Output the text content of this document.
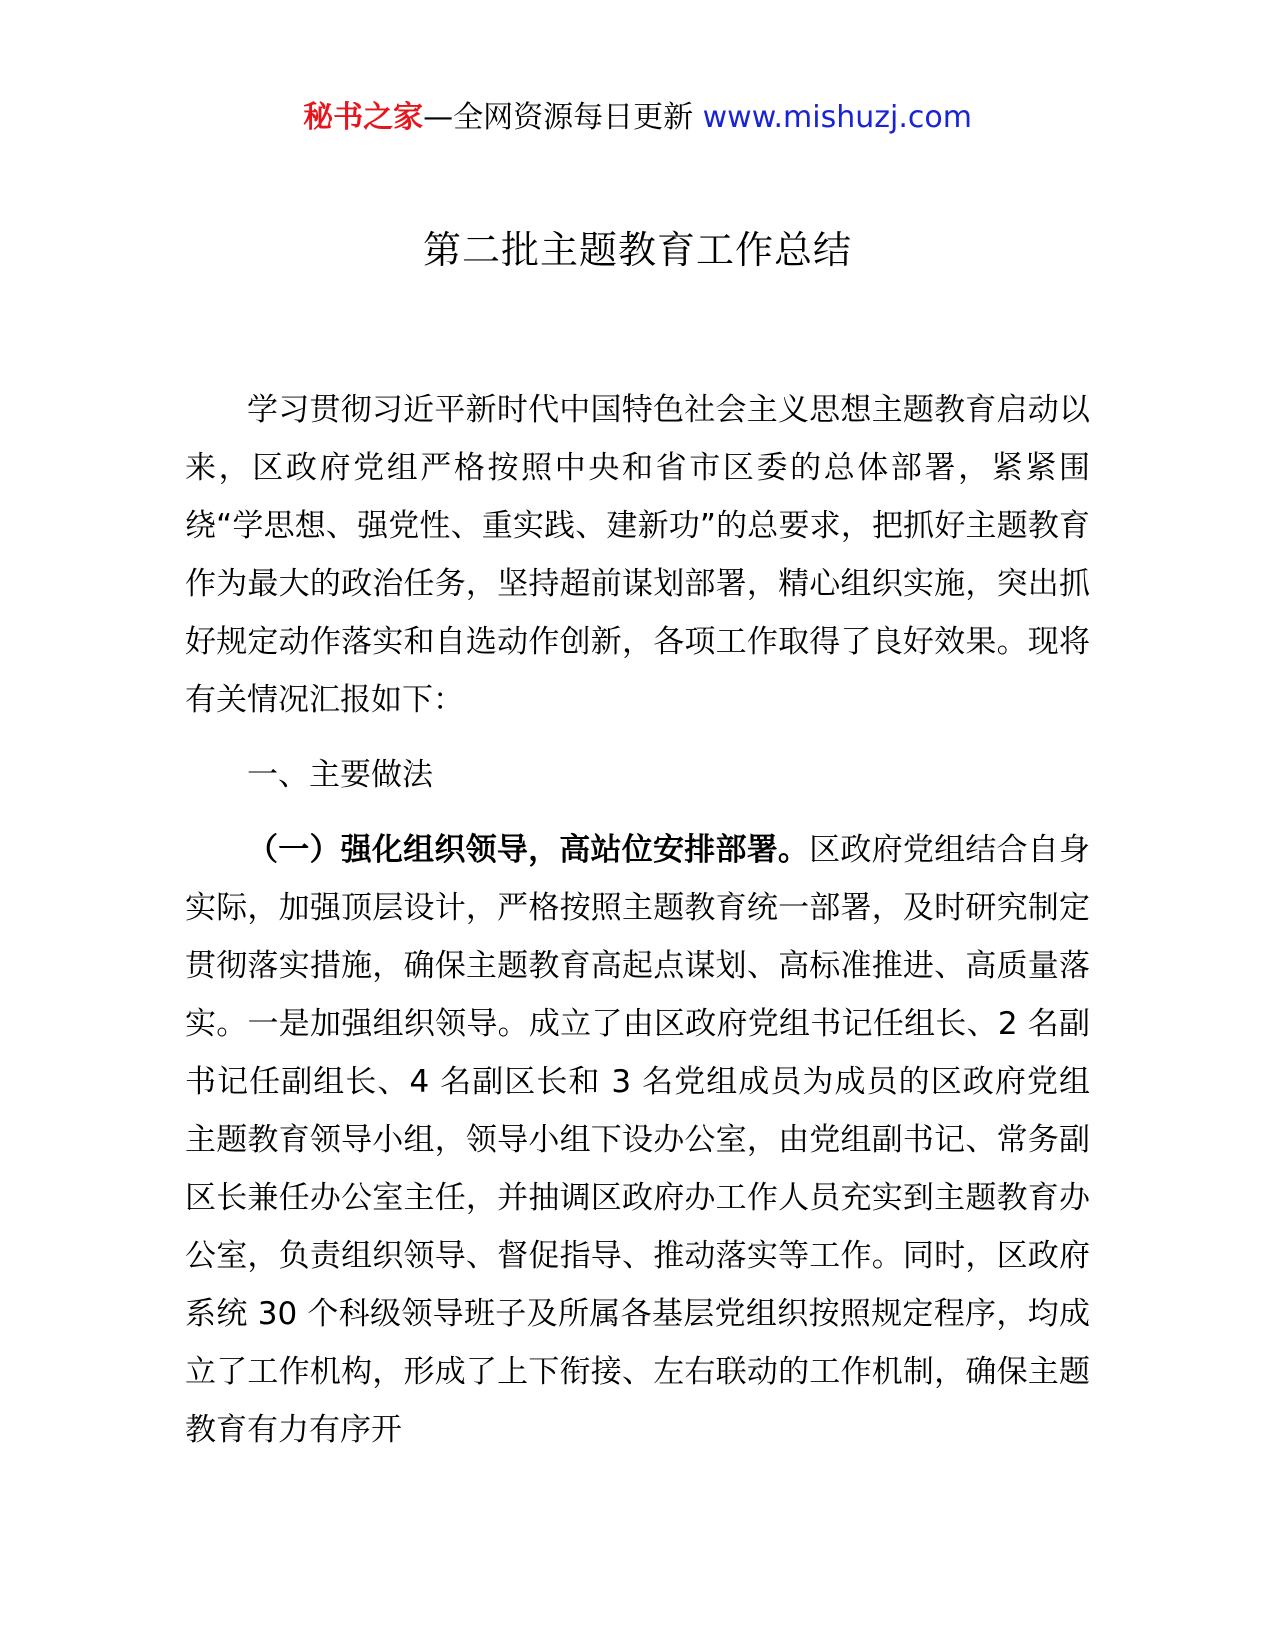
秘书之家—全网资源每日更新 www.mishuzj.com
第二批主题教育工作总结

学习贯彻习近平新时代中国特色社会主义思想主题教育启动以来，区政府党组严格按照中央和省市区委的总体部署，紧紧围绕“学思想、强党性、重实践、建新功”的总要求，把抓好主题教育作为最大的政治任务，坚持超前谋划部署，精心组织实施，突出抓好规定动作落实和自选动作创新，各项工作取得了良好效果。现将有关情况汇报如下：

一、主要做法

（一）强化组织领导，高站位安排部署。区政府党组结合自身实际，加强顶层设计，严格按照主题教育统一部署，及时研究制定贯彻落实措施，确保主题教育高起点谋划、高标准推进、高质量落实。一是加强组织领导。成立了由区政府党组书记任组长、2 名副书记任副组长、4 名副区长和 3 名党组成员为成员的区政府党组主题教育领导小组，领导小组下设办公室，由党组副书记、常务副区长兼任办公室主任，并抽调区政府办工作人员充实到主题教育办公室，负责组织领导、督促指导、推动落实等工作。同时，区政府系统 30 个科级领导班子及所属各基层党组织按照规定程序，均成立了工作机构，形成了上下衔接、左右联动的工作机制，确保主题教育有力有序开
